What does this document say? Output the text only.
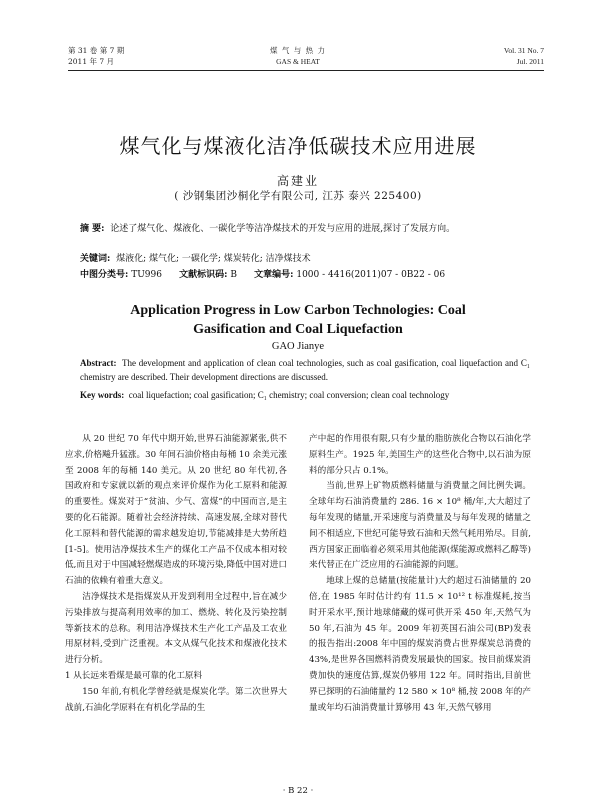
第 31 卷 第 7 期
2011 年 7 月
煤 气 与 热 力
GAS & HEAT
Vol. 31 No. 7
Jul. 2011
煤气化与煤液化洁净低碳技术应用进展
高建业
( 沙钢集团沙桐化学有限公司, 江苏 泰兴 225400)
摘 要: 论述了煤气化、煤液化、一碳化学等洁净煤技术的开发与应用的进展,探讨了发展方向。
关键词: 煤液化; 煤气化; 一碳化学; 煤炭转化; 洁净煤技术
中图分类号: TU996 文献标识码: B 文章编号: 1000 - 4416(2011)07 - 0B22 - 06
Application Progress in Low Carbon Technologies: Coal
Gasification and Coal Liquefaction
GAO Jianye
Abstract: The development and application of clean coal technologies, such as coal gasification, coal liquefaction and C₁ chemistry are described. Their development directions are discussed.
Key words: coal liquefaction; coal gasification; C₁ chemistry; coal conversion; clean coal technology

从 20 世纪 70 年代中期开始,世界石油能源紧张,供不应求,价格飚升猛涨。30 年间石油价格由每桶 10 余美元涨至 2008 年的每桶 140 美元。从 20 世纪 80 年代初,各国政府和专家就以新的观点来评价煤作为化工原料和能源的重要性。煤炭对于“贫油、少气、富煤”的中国而言,是主要的化石能源。随着社会经济持续、高速发展,全球对替代化工原料和替代能源的需求越发迫切,节能减排是大势所趋[1-5]。使用洁净煤技术生产的煤化工产品不仅成本相对较低,而且对于中国减轻燃煤造成的环境污染,降低中国对进口石油的依赖有着重大意义。

洁净煤技术是指煤炭从开发到利用全过程中,旨在减少污染排放与提高利用效率的加工、燃烧、转化及污染控制等新技术的总称。利用洁净煤技术生产化工产品及工农业用原材料,受到广泛重视。本文从煤气化技术和煤液化技术进行分析。

1 从长远来看煤是最可靠的化工原料

150 年前,有机化学曾经就是煤炭化学。第二次世界大战前,石油化学原料在有机化学品的生

产中起的作用很有限,只有少量的脂肪族化合物以石油化学原料生产。1925 年,美国生产的这些化合物中,以石油为原料的部分只占 0.1%。

当前,世界上矿物质燃料储量与消费量之间比例失调。全球年均石油消费量约 286. 16 × 10⁸ 桶/年,大大超过了每年发现的储量,开采速度与消费量及与每年发现的储量之间不相适应,下世纪可能导致石油和天然气耗用殆尽。目前,西方国家正面临着必须采用其他能源(煤能源或燃料乙醇等)来代替正在广泛应用的石油能源的问题。

地球上煤的总储量(按能量计)大约超过石油储量的 20 倍,在 1985 年时估计约有 11.5 × 10¹² t 标准煤耗,按当时开采水平,预计地球储藏的煤可供开采 450 年,天然气为 50 年,石油为 45 年。2009 年初英国石油公司(BP)发表的报告指出:2008 年中国的煤炭消费占世界煤炭总消费的 43%,是世界各国燃料消费发展最快的国家。按目前煤炭消费加快的速度估算,煤炭仍够用 122 年。同时指出,目前世界已探明的石油储量约 12 580 × 10⁸ 桶,按 2008 年的产量或年均石油消费量计算够用 43 年,天然气够用

· B 22 ·
